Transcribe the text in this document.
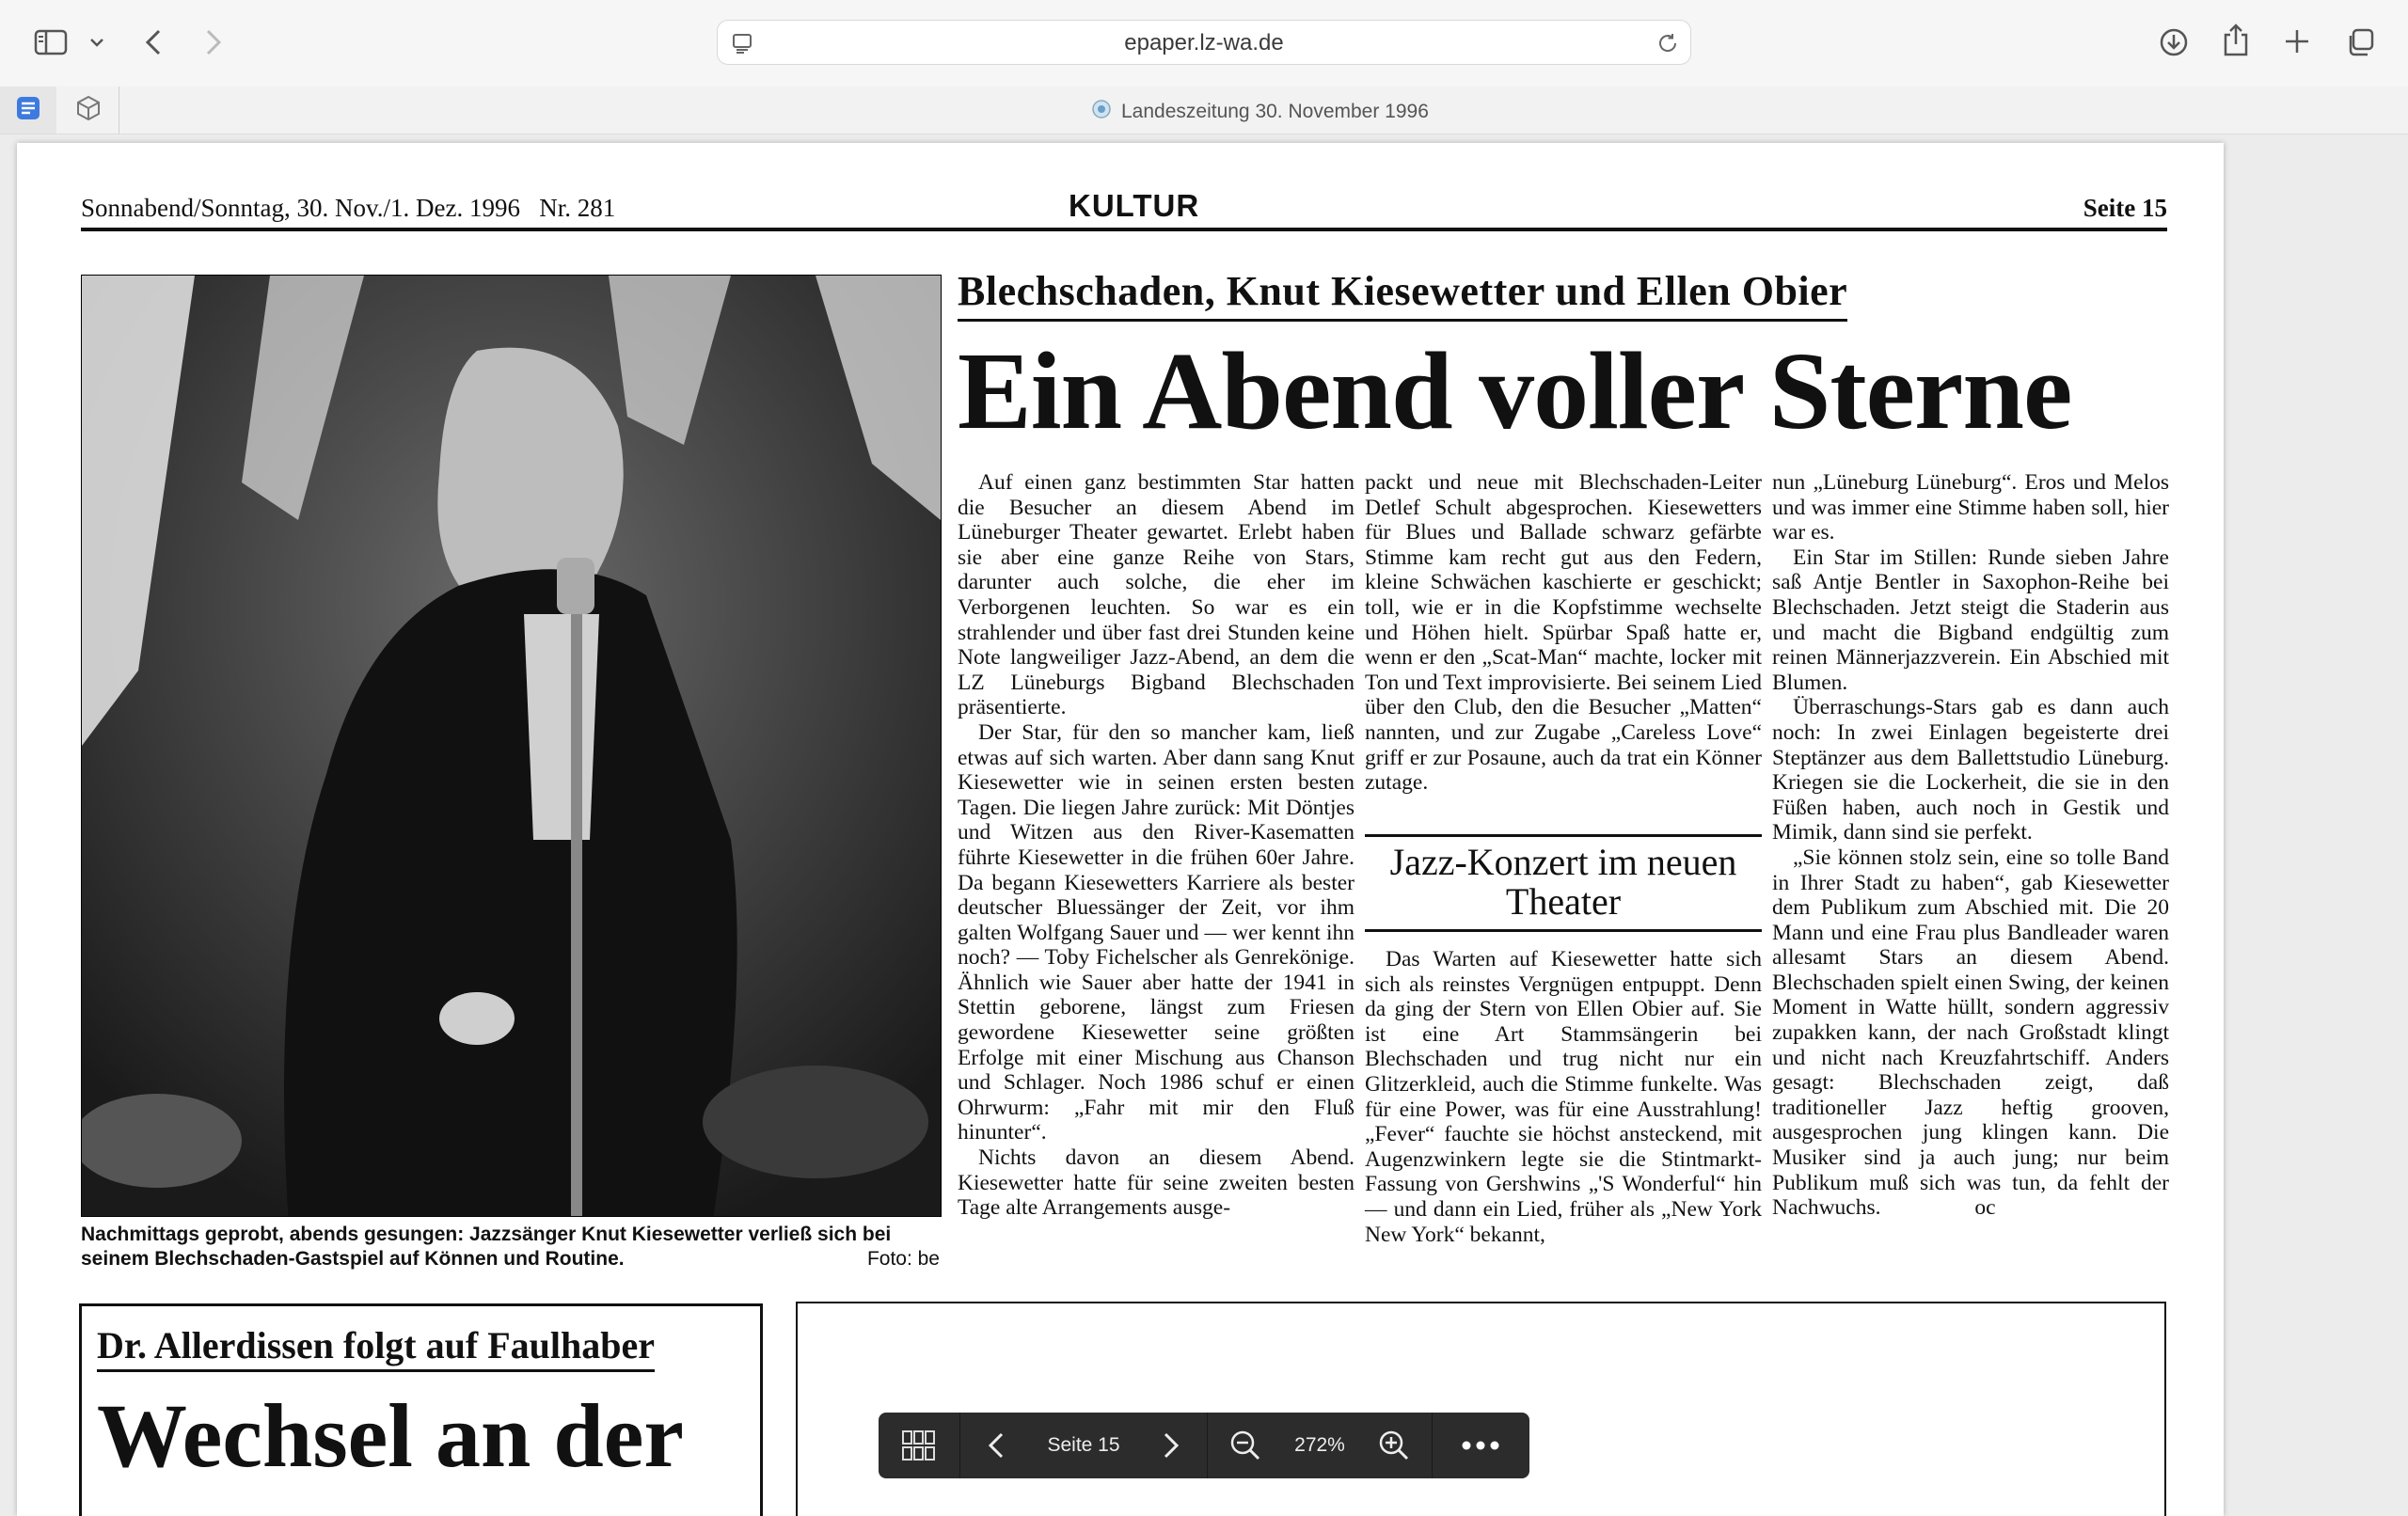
epaper.lz-wa.de
Landeszeitung 30. November 1996
Sonnabend/Sonntag, 30. Nov./1. Dez. 1996   Nr. 281	KULTUR	Seite 15
Nachmittags geprobt, abends gesungen: Jazzsänger Knut Kiesewetter verließ sich bei seinem Blechschaden-Gastspiel auf Können und Routine.	Foto: be
Blechschaden, Knut Kiesewetter und Ellen Obier
Ein Abend voller Sterne

Auf einen ganz bestimmten Star hatten die Besucher an diesem Abend im Lüneburger Theater gewartet. Erlebt haben sie aber eine ganze Reihe von Stars, darunter auch solche, die eher im Verborgenen leuchten. So war es ein strahlender und über fast drei Stunden keine Note langweiliger Jazz-Abend, an dem die LZ Lüneburgs Bigband Blechschaden präsentierte.

Der Star, für den so mancher kam, ließ etwas auf sich warten. Aber dann sang Knut Kiesewetter wie in seinen ersten besten Tagen. Die liegen Jahre zurück: Mit Döntjes und Witzen aus den River-Kasematten führte Kiesewetter in die frühen 60er Jahre. Da begann Kiesewetters Karriere als bester deutscher Bluessänger der Zeit, vor ihm galten Wolfgang Sauer und — wer kennt ihn noch? — Toby Fichelscher als Genrekönige. Ähnlich wie Sauer aber hatte der 1941 in Stettin geborene, längst zum Friesen gewordene Kiesewetter seine größten Erfolge mit einer Mischung aus Chanson und Schlager. Noch 1986 schuf er einen Ohrwurm: „Fahr mit mir den Fluß hinunter“.

Nichts davon an diesem Abend. Kiesewetter hatte für seine zweiten besten Tage alte Arrangements ausge-

packt und neue mit Blechschaden-Leiter Detlef Schult abgesprochen. Kiesewetters für Blues und Ballade schwarz gefärbte Stimme kam recht gut aus den Federn, kleine Schwächen kaschierte er geschickt; toll, wie er in die Kopfstimme wechselte und Höhen hielt. Spürbar Spaß hatte er, wenn er den „Scat-Man“ machte, locker mit Ton und Text improvisierte. Bei seinem Lied über den Club, den die Besucher „Matten“ nannten, und zur Zugabe „Careless Love“ griff er zur Posaune, auch da trat ein Könner zutage.

Jazz-Konzert im neuen Theater

Das Warten auf Kiesewetter hatte sich sich als reinstes Vergnügen entpuppt. Denn da ging der Stern von Ellen Obier auf. Sie ist eine Art Stammsängerin bei Blechschaden und trug nicht nur ein Glitzerkleid, auch die Stimme funkelte. Was für eine Power, was für eine Ausstrahlung! „Fever“ fauchte sie höchst ansteckend, mit Augenzwinkern legte sie die Stintmarkt-Fassung von Gershwins „'S Wonderful“ hin — und dann ein Lied, früher als „New York New York“ bekannt,

nun „Lüneburg Lüneburg“. Eros und Melos und was immer eine Stimme haben soll, hier war es.

Ein Star im Stillen: Runde sieben Jahre saß Antje Bentler in Saxophon-Reihe bei Blechschaden. Jetzt steigt die Staderin aus und macht die Bigband endgültig zum reinen Männerjazzverein. Ein Abschied mit Blumen.

Überraschungs-Stars gab es dann auch noch: In zwei Einlagen begeisterte drei Steptänzer aus dem Ballettstudio Lüneburg. Kriegen sie die Lockerheit, die sie in den Füßen haben, auch noch in Gestik und Mimik, dann sind sie perfekt.

„Sie können stolz sein, eine so tolle Band in Ihrer Stadt zu haben“, gab Kiesewetter dem Publikum zum Abschied mit. Die 20 Mann und eine Frau plus Bandleader waren allesamt Stars an diesem Abend. Blechschaden spielt einen Swing, der keinen Moment in Watte hüllt, sondern aggressiv zupakken kann, der nach Großstadt klingt und nicht nach Kreuzfahrtschiff. Anders gesagt: Blechschaden zeigt, daß traditioneller Jazz heftig grooven, ausgesprochen jung klingen kann. Die Musiker sind ja auch jung; nur beim Publikum muß sich was tun, da fehlt der Nachwuchs.                 oc

Dr. Allerdissen folgt auf Faulhaber
Wechsel an der	Seite 15	272%
